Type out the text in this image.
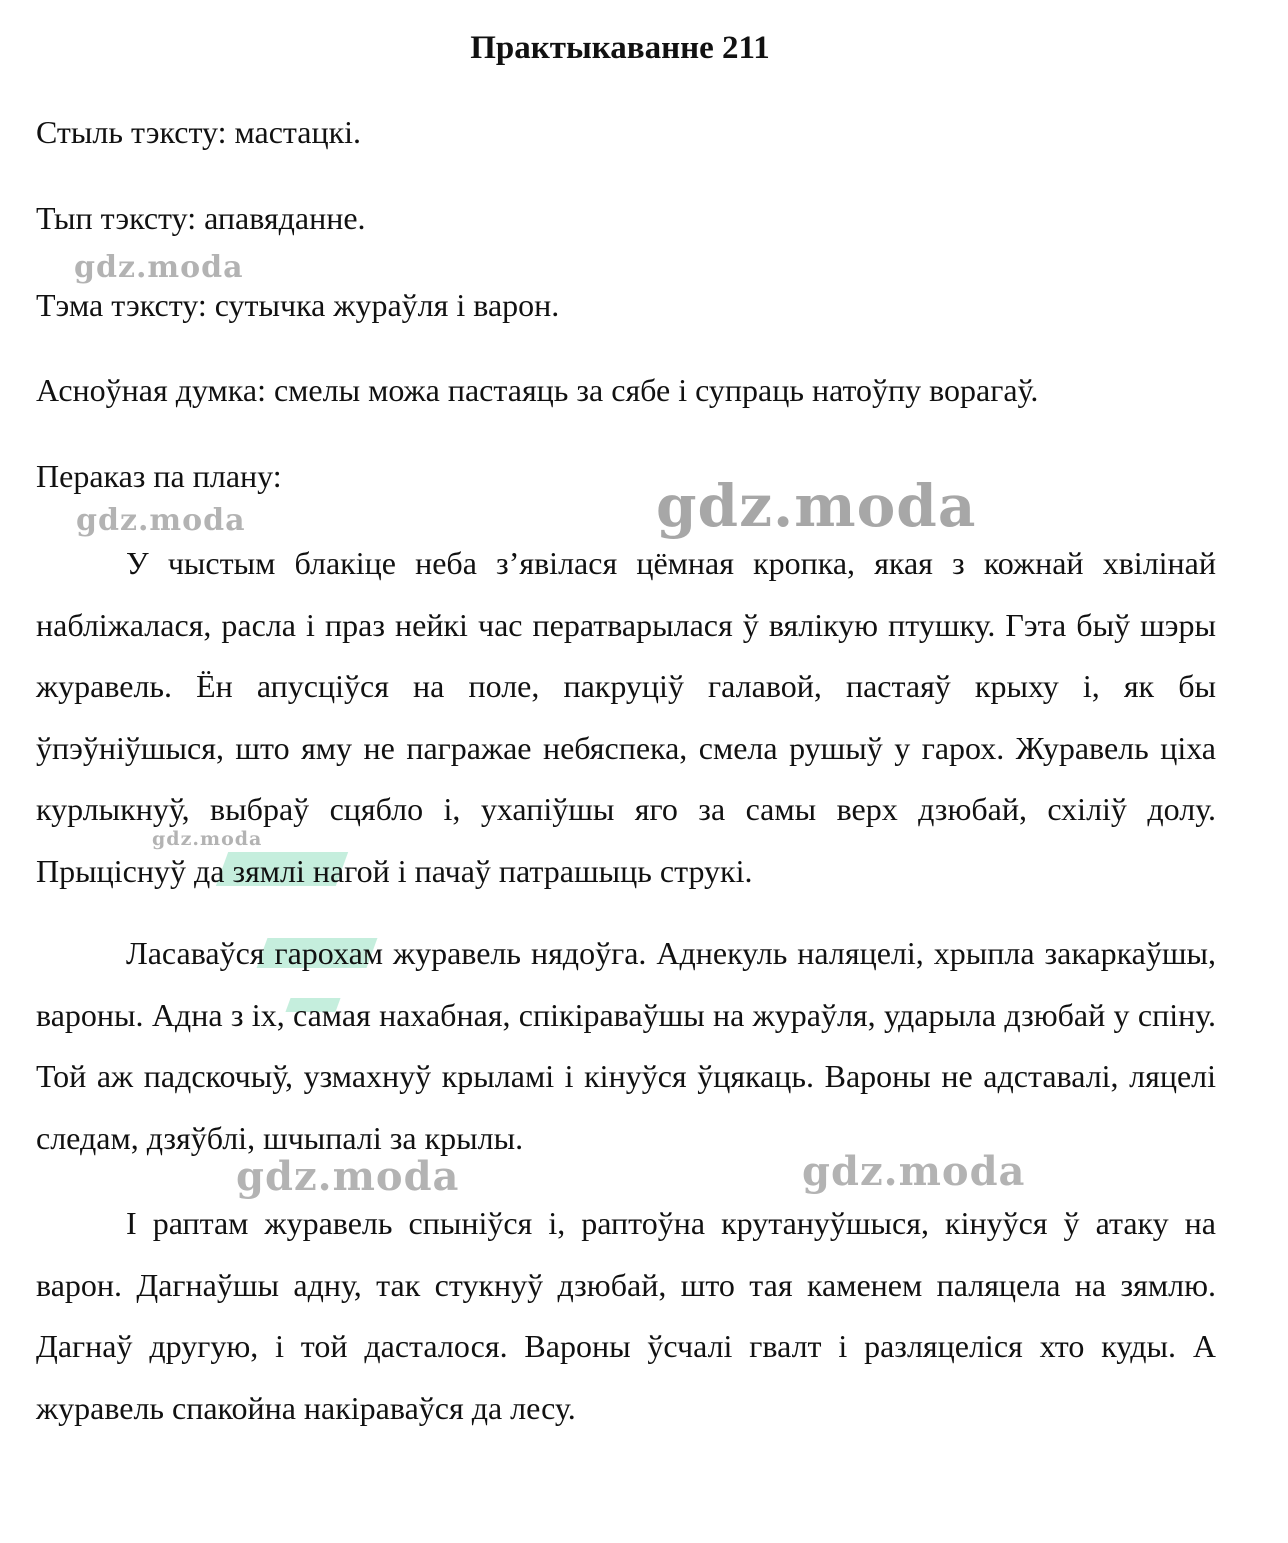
Практыкаванне 211
Стыль тэксту: мастацкі.
Тып тэксту: апавяданне.
Тэма тэксту: сутычка жураўля і варон.
Асноўная думка: смелы можа пастаяць за сябе і супраць натоўпу ворагаў.
Пераказ па плану:

У чыстым блакіце неба з’явілася цёмная кропка, якая з кожнай хвілінай набліжалася, расла і праз нейкі час ператварылася ў вялікую птушку. Гэта быў шэры журавель. Ён апусціўся на поле, пакруціў галавой, пастаяў крыху і, як бы ўпэўніўшыся, што яму не пагражае небяспека, смела рушыў у гарох. Журавель ціха курлыкнуў, выбраў сцябло і, ухапіўшы яго за самы верх дзюбай, схіліў долу. Прыціснуў да зямлі нагой і пачаў патрашыць струкі.

Ласаваўся гарохам журавель нядоўга. Аднекуль наляцелі, хрыпла закаркаўшы, вароны. Адна з іх, самая нахабная, спікіраваўшы на жураўля, ударыла дзюбай у спіну. Той аж падскочыў, узмахнуў крыламі і кінуўся ўцякаць. Вароны не адставалі, ляцелі следам, дзяўблі, шчыпалі за крылы.

І раптам журавель спыніўся і, раптоўна крутануўшыся, кінуўся ў атаку на варон. Дагнаўшы адну, так стукнуў дзюбай, што тая каменем паляцела на зямлю. Дагнаў другую, і той дасталося. Вароны ўсчалі гвалт і разляцеліся хто куды. А журавель спакойна накіраваўся да лесу.

gdz.moda
gdz.moda	gdz.moda
gdz.moda
gdz.moda	gdz.moda
